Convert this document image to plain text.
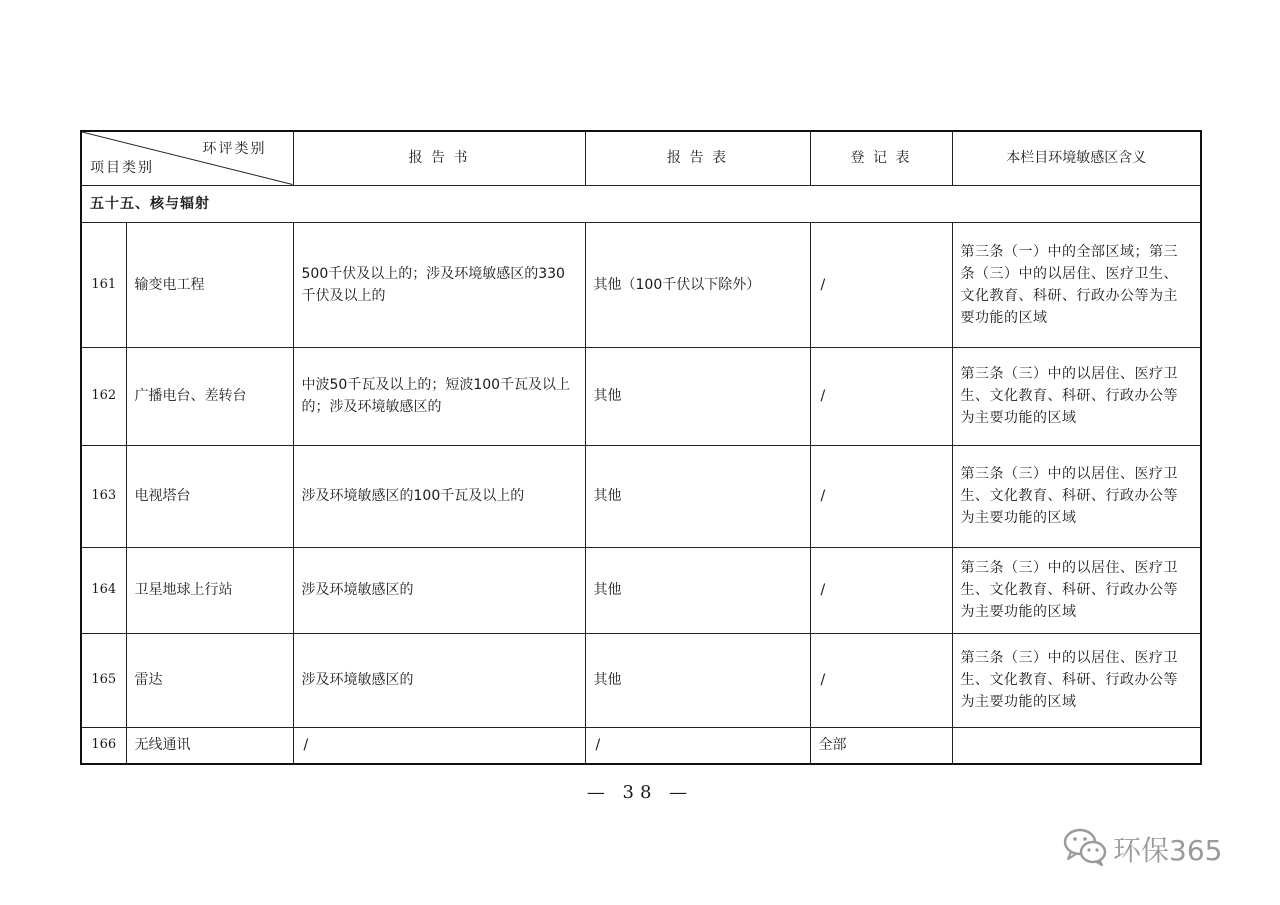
环评类别
项目类别		报 告 书	报 告 表	登 记 表	本栏目环境敏感区含义
五十五、核与辐射					
161	输变电工程	500千伏及以上的；涉及环境敏感区的330千伏及以上的	其他（100千伏以下除外）	/	第三条（一）中的全部区域；第三条（三）中的以居住、医疗卫生、文化教育、科研、行政办公等为主要功能的区域
162	广播电台、差转台	中波50千瓦及以上的；短波100千瓦及以上的；涉及环境敏感区的	其他	/	第三条（三）中的以居住、医疗卫生、文化教育、科研、行政办公等为主要功能的区域
163	电视塔台	涉及环境敏感区的100千瓦及以上的	其他	/	第三条（三）中的以居住、医疗卫生、文化教育、科研、行政办公等为主要功能的区域
164	卫星地球上行站	涉及环境敏感区的	其他	/	第三条（三）中的以居住、医疗卫生、文化教育、科研、行政办公等为主要功能的区域
165	雷达	涉及环境敏感区的	其他	/	第三条（三）中的以居住、医疗卫生、文化教育、科研、行政办公等为主要功能的区域
166	无线通讯	/	/	全部	
— 38 —
环保365
